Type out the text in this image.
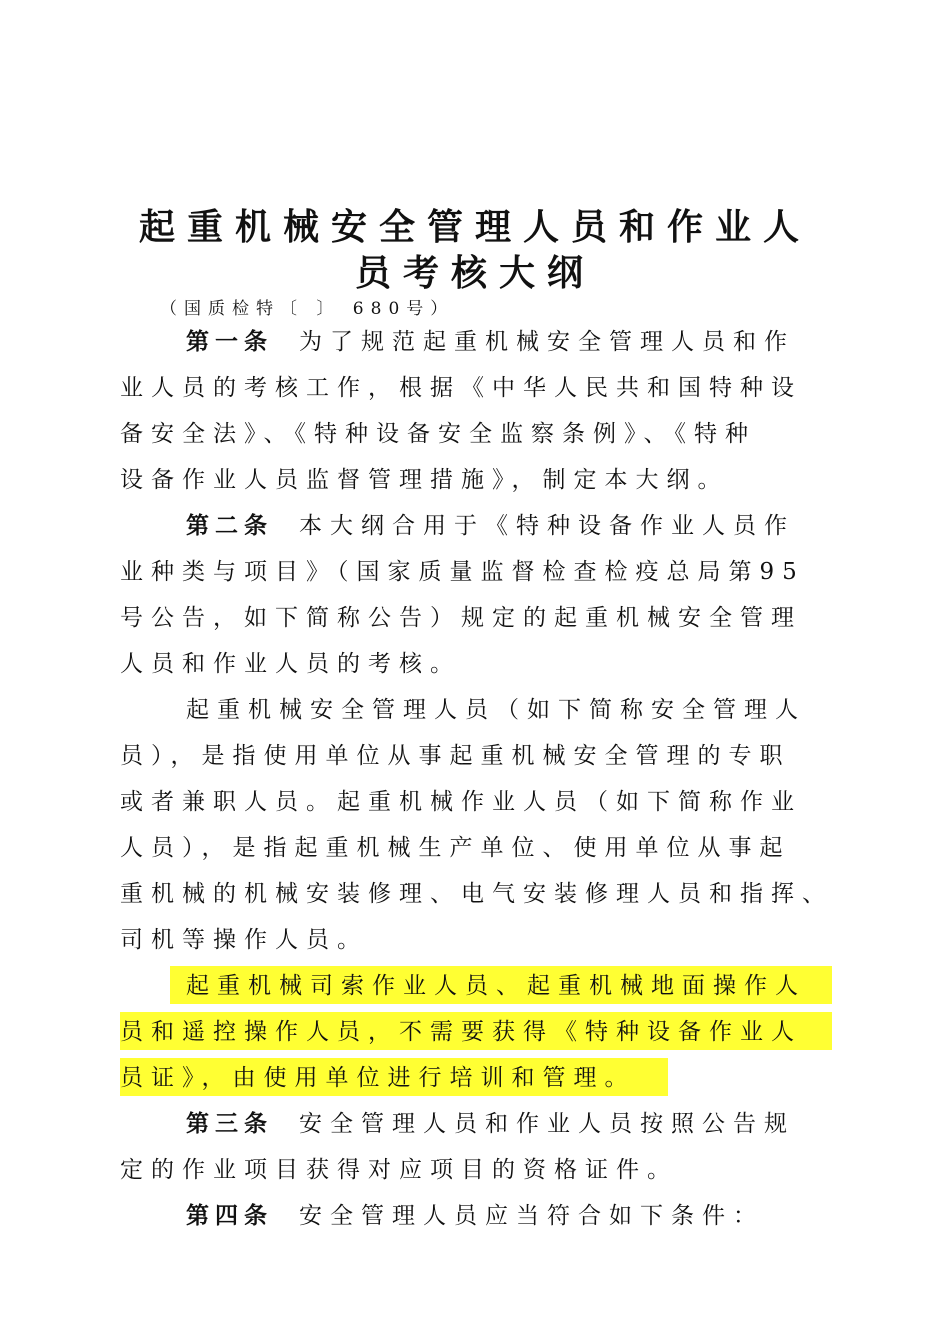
起重机械安全管理人员和作业人
员考核大纲
（国质检特〔 〕 680号）
第一条 为了规范起重机械安全管理人员和作
业人员的考核工作，根据《中华人民共和国特种设
备安全法》、《特种设备安全监察条例》、《特种
设备作业人员监督管理措施》，制定本大纲。
第二条 本大纲合用于《特种设备作业人员作
业种类与项目》（国家质量监督检查检疫总局第95
号公告，如下简称公告）规定的起重机械安全管理
人员和作业人员的考核。
起重机械安全管理人员（如下简称安全管理人
员），是指使用单位从事起重机械安全管理的专职
或者兼职人员。起重机械作业人员（如下简称作业
人员），是指起重机械生产单位、使用单位从事起
重机械的机械安装修理、电气安装修理人员和指挥、
司机等操作人员。
起重机械司索作业人员、起重机械地面操作人
员和遥控操作人员，不需要获得《特种设备作业人
员证》，由使用单位进行培训和管理。
第三条 安全管理人员和作业人员按照公告规
定的作业项目获得对应项目的资格证件。
第四条 安全管理人员应当符合如下条件：
